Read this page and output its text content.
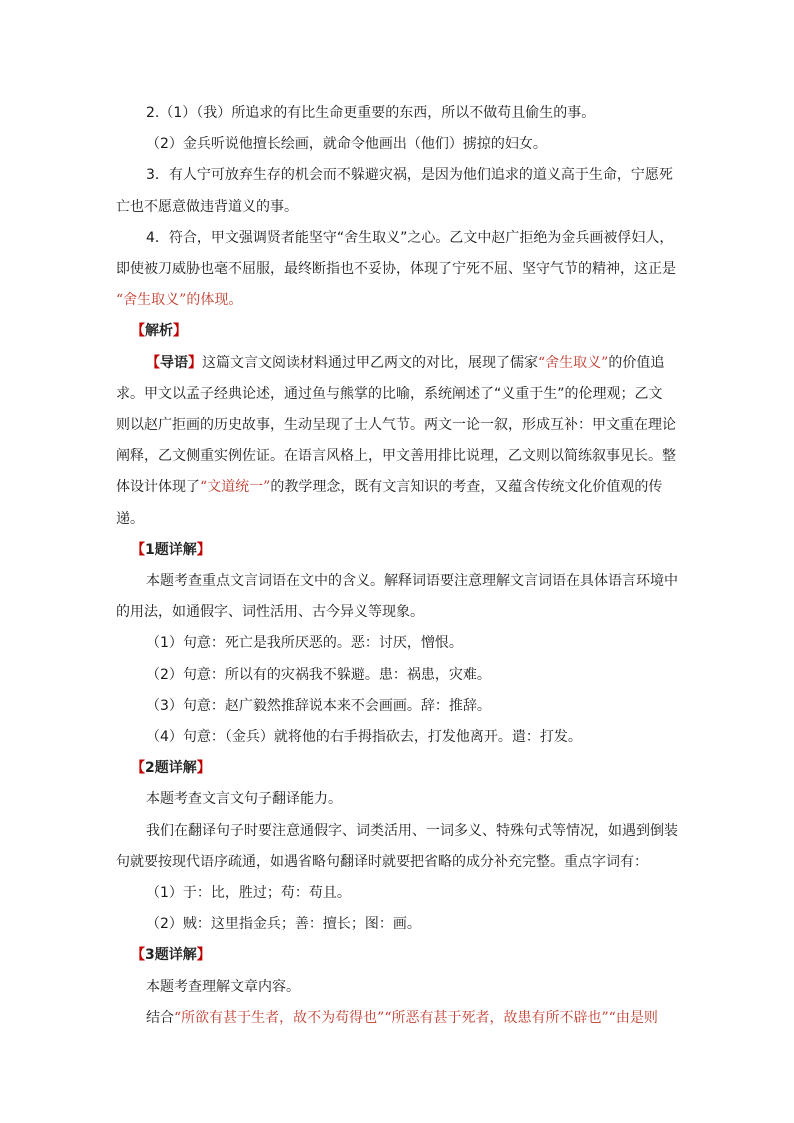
2.（1）（我）所追求的有比生命更重要的东西，所以不做苟且偷生的事。

（2）金兵听说他擅长绘画，就命令他画出（他们）掳掠的妇女。

3．有人宁可放弃生存的机会而不躲避灾祸，是因为他们追求的道义高于生命，宁愿死

亡也不愿意做违背道义的事。

4．符合，甲文强调贤者能坚守“舍生取义”之心。乙文中赵广拒绝为金兵画被俘妇人，

即使被刀威胁也毫不屈服，最终断指也不妥协，体现了宁死不屈、坚守气节的精神，这正是

“舍生取义”的体现。

【解析】

【导语】这篇文言文阅读材料通过甲乙两文的对比，展现了儒家“舍生取义”的价值追

求。甲文以孟子经典论述，通过鱼与熊掌的比喻，系统阐述了“义重于生”的伦理观；乙文

则以赵广拒画的历史故事，生动呈现了士人气节。两文一论一叙，形成互补：甲文重在理论

阐释，乙文侧重实例佐证。在语言风格上，甲文善用排比说理，乙文则以简练叙事见长。整

体设计体现了“文道统一”的教学理念，既有文言知识的考查，又蕴含传统文化价值观的传

递。

【1题详解】

本题考查重点文言词语在文中的含义。解释词语要注意理解文言词语在具体语言环境中

的用法，如通假字、词性活用、古今异义等现象。

（1）句意：死亡是我所厌恶的。恶：讨厌，憎恨。

（2）句意：所以有的灾祸我不躲避。患：祸患，灾难。

（3）句意：赵广毅然推辞说本来不会画画。辞：推辞。

（4）句意：（金兵）就将他的右手拇指砍去，打发他离开。遣：打发。

【2题详解】

本题考查文言文句子翻译能力。

我们在翻译句子时要注意通假字、词类活用、一词多义、特殊句式等情况，如遇到倒装

句就要按现代语序疏通，如遇省略句翻译时就要把省略的成分补充完整。重点字词有：

（1）于：比，胜过；苟：苟且。

（2）贼：这里指金兵；善：擅长；图：画。

【3题详解】

本题考查理解文章内容。

结合“所欲有甚于生者，故不为苟得也”“所恶有甚于死者，故患有所不辟也”“由是则
